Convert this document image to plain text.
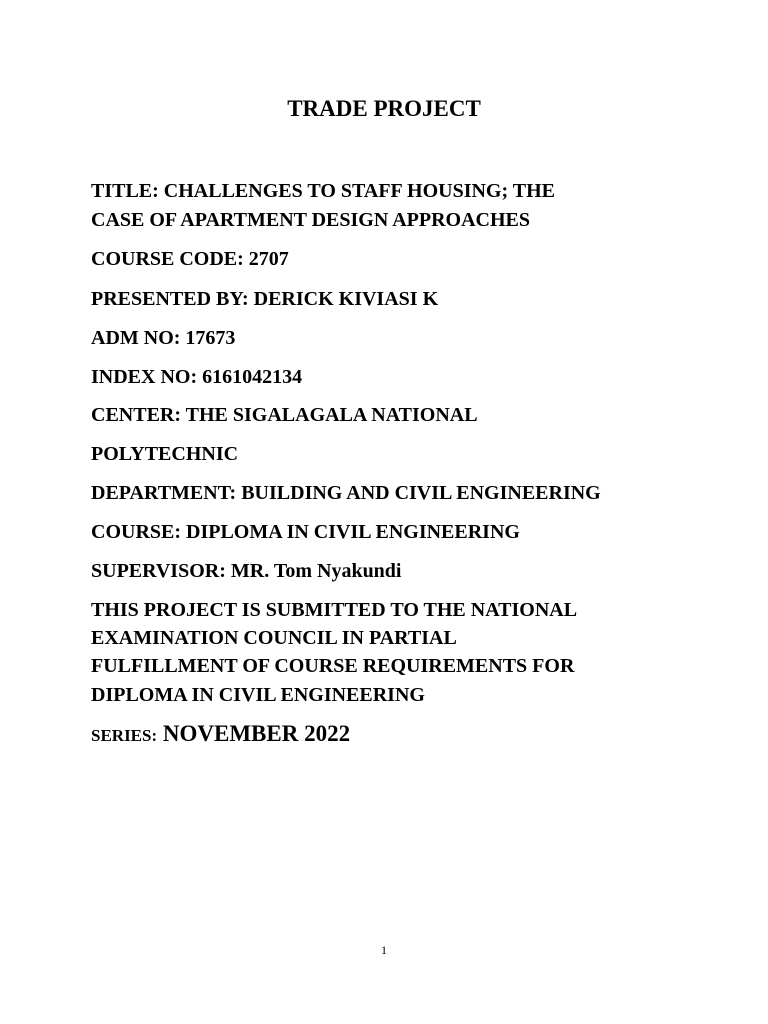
TRADE PROJECT
TITLE: CHALLENGES TO STAFF HOUSING; THE
CASE OF APARTMENT DESIGN APPROACHES
COURSE CODE: 2707
PRESENTED BY: DERICK KIVIASI K
ADM NO: 17673
INDEX NO: 6161042134
CENTER: THE SIGALAGALA NATIONAL
POLYTECHNIC
DEPARTMENT: BUILDING AND CIVIL ENGINEERING
COURSE: DIPLOMA IN CIVIL ENGINEERING
SUPERVISOR: MR. Tom Nyakundi
THIS PROJECT IS SUBMITTED TO THE NATIONAL
EXAMINATION COUNCIL IN PARTIAL
FULFILLMENT OF COURSE REQUIREMENTS FOR
DIPLOMA IN CIVIL ENGINEERING
SERIES: NOVEMBER 2022
1
